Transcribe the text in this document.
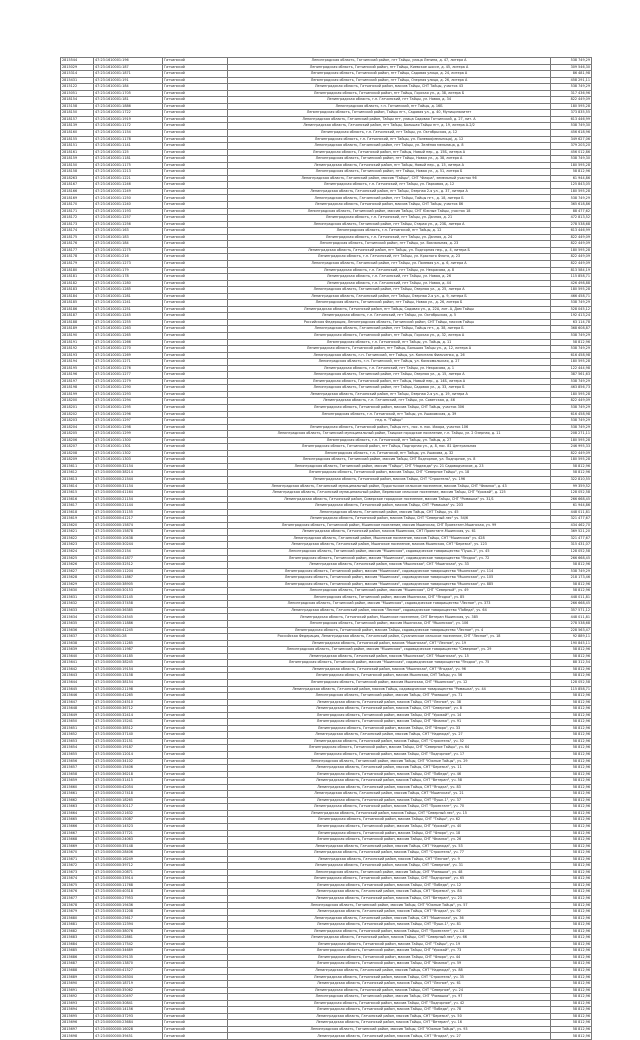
2815544	47:23:1610001:196	Гатчинский	Ленинградская область, Гатчинский район, пгт Тайцы, улица Ленина, д. 47, литера А	538 749,29
2815029	47:23:1610001:187	Гатчинский	Ленинградская область, Гатчинский район, пгт Тайцы, Киевское шоссе, д. 45, литера А	309 546,30
2815314	47:23:1610001:1871	Гатчинский	Ленинградская область, Гатчинский район, пгт Тайцы, Садовая улица, д. 24, литера А	86 481,98
2815431	47:23:1610001:191	Гатчинский	Ленинградская область, Гатчинский район, пгт Тайцы, Озерная улица, д. 26, литера А	458 291,11
2815122	47:23:1610001:184	Гатчинский	Ленинградская область, Гатчинский район, массив Тайцы, СНТ Тайцы, участок 43	538 749,29
2815051	47:23:1610001:1705	Гатчинский	Ленинградская область, Гатчинский район, пгт Тайцы, Горская ул., д. 38, литера Б	317 436,96
2818154	47:23:1610001:181	Гатчинский	Ленинградская область, г.п. Гатчинский, пгт Тайцы, ул. Новая, д. 34	822 449,09
2815158	47:23:1610001:1886	Гатчинский	Ленинградская область, г.п. Гатчинский, пгт Тайцы, д. 16Б	180 595,28
2818150	47:23:1610001:1722	Гатчинский	Ленинградская область, Гатчинский район, Тайцы пгт., Садовая ул., д. 40, Муниципалитет	373 835,55
2818157	47:23:1610001:1919	Гатчинский	Ленинградская область, Гатчинский район, Тайцы пгт, улица Садовая Гатчинский, д. 27, лит. А	613 446,99
2818139	47:23:1610001:1172	Гатчинский	Ленинградская область, Гатчинский район, пгт Тайцы, Большая Тайцы пгт, д. 19, литера А-2/2	538 749,30
2818160	47:23:1610001:1154	Гатчинский	Ленинградская область, г.п. Гатчинский, пгт Тайцы, ул. Октябрьская, д. 12	456 618,96
2818155	47:23:1610001:1178	Гатчинский	Ленинградская область, г.п. Гатчинский, пгт Тайцы, ул. Полевая(мельница), д. 12	349 627,06
2818151	47:23:1610001:1141	Гатчинский	Ленинградская область, Гатчинский район, пгт Тайцы, ул. Зелёная мельница, д. 8	379 203,20
2818161	47:23:1610001:125	Гатчинский	Ленинградская область, Гатчинский район, пгт Тайцы, Новый пер., д. 15Б, литера А	456 012,86
2818159	47:23:1610001:1181	Гатчинский	Ленинградская область, Гатчинский район, пгт Тайцы, Новая ул., д. 38, литера А	538 749,30
2818150	47:23:1610001:1175	Гатчинский	Ленинградская область, Гатчинский район, пгт Тайцы, Новый пер., д. 15, литера А	180 595,28
2818158	47:23:1610001:1213	Гатчинский	Ленинградская область, Гатчинский район, пгт Тайцы, Новая ул., д. 51, литера Б	58 812,96
2818263	47:23:1610001:1221	Гатчинский	Ленинградская область, Гатчинский район, массив "Тайцы", СНТ "Флора", земельный участок 96	61 944,86
2818167	47:23:1610001:1246	Гатчинский	Ленинградская область, г.п. Гатчинский, пгт Тайцы, ул. Парковая, д. 12	125 843,05
2818166	47:23:1610001:1249	Гатчинский	Ленинградская область, Гатчинский район, пгт Тайцы, Озерная 2-я ул., д. 37, литера А	180 595,28
2818169	47:23:1610001:1250	Гатчинский	Ленинградская область, Гатчинский район, пгт Тайцы, Тайцы пгт., д. 18, литера Б	538 749,29
2818170	47:23:1610001:1240	Гатчинский	Ленинградская область, Гатчинский район, массив Тайцы, СНТ Тайцы, участок 86	365 618,86
2818171	47:23:1610001:1193	Гатчинский	Ленинградская область, Гатчинский район, массив Тайцы, СНТ Южные Тайцы, участок 18	88 477,62
2818172	47:23:1610001:1257	Гатчинский	Ленинградская область, г.п. Гатчинский, пгт Тайцы, ул. Дачная, д. 21	472 813,52
2818173	47:23:1610001:1256	Гатчинский	Ленинградская область, Гатчинский район, пгт Тайцы, Старая ул., д. 23Б, литера А	278 538,68
2818174	47:23:1610001:163	Гатчинский	Ленинградская область, г.п. Гатчинский, пгт Тайцы, д. 12	613 446,99
2818175	47:23:1610001:183	Гатчинский	Ленинградская область, г.п. Гатчинский, пгт Тайцы, ул. Дачная, д. 24	822 449,09
2818176	47:23:1610001:184	Гатчинский	Ленинградская область, Гатчинский район, пгт Тайцы, ул. Вокзальная, д. 23	822 449,09
2818177	47:23:1610001:1275	Гатчинский	Ленинградская область, Гатчинский район, пгт Тайцы, ул. Подгорная пер., д. 4, литера Б	180 595,28
2818178	47:23:1610001:216	Гатчинский	Ленинградская область, г.п. Гатчинский, пгт Тайцы, ул. Красного Флота, д. 23	822 449,09
2818179	47:23:1610001:1273	Гатчинский	Ленинградская область, Гатчинский район, пгт Тайцы, ул. Полевая ул., д. 6, литера А	822 449,09
2818180	47:23:1610001:179	Гатчинский	Ленинградская область, г.п. Гатчинский, пгт Тайцы, ул. Некрасова, д. 8	813 584,19
2818181	47:23:1610001:178	Гатчинский	Ленинградская область, г.п. Гатчинский, пгт Тайцы, ул. Новая, д. 26	115 858,71
2818182	47:23:1610001:1280	Гатчинский	Ленинградская область, г.п. Гатчинский, пгт Тайцы, ул. Новая, д. 44	426 498,88
2818183	47:23:1610001:1285	Гатчинский	Ленинградская область, Гатчинский район, пгт Тайцы, Озерная ул., д. 25, литера А	180 595,28
2818184	47:23:1610001:1281	Гатчинский	Ленинградская область, Гатчинский район, пгт Тайцы, Озерная 2-я ул., д. 9, литера Б	466 458,71
2818185	47:23:1610001:1241	Гатчинский	Ленинградская область, Гатчинский район, пгт Тайцы, Новая ул., д. 26, литера Б	538 749,29
2818186	47:23:1610001:1251	Гатчинский	Ленинградская область, Гатчинский район, пгт Тайцы, Садовая ул., д. 22А, лит. А, Дом Тайцы	528 045,12
2818187	47:23:1610001:1245	Гатчинский	Ленинградская область, г.п. Гатчинский, пгт Тайцы, ул. Октябрьская, д. 5	192 413,24
2818188	47:23:1610001:1255	Гатчинский	Российская Федерация, Ленинградская область, Гатчинский район, СНТ Тайцы, массив Тайцы	63 114,78
2818189	47:23:1610001:1263	Гатчинский	Ленинградская область, Гатчинский район, пгт Тайцы, Тайцы пгт., д. 38, литера Б	368 608,87
2818190	47:23:1610001:1265	Гатчинский	Ленинградская область, Гатчинский район, пгт Тайцы, Горская ул., д. 32, литера А	538 749,29
2818191	47:23:1610001:1266	Гатчинский	Ленинградская область, г.п. Гатчинский, пгт Тайцы, ул. Тайцы, д. 11	58 812,96
2818192	47:23:1610001:1270	Гатчинский	Ленинградская область, Гатчинский район, пгт Тайцы, Большая Тайцы ул., д. 12, литера А	538 749,29
2818193	47:23:1610001:1269	Гатчинский	Ленинградская область, г.п. Гатчинский, пгт Тайцы, ул. Капитана Фильченко, д. 26	616 458,98
2818194	47:23:1610001:1271	Гатчинский	Ленинградская область, г.п. Гатчинский, пгт Тайцы, ул. Комсомольская, д. 27	180 595,28
2818195	47:23:1610001:1276	Гатчинский	Ленинградская область, г.п. Гатчинский, пгт Тайцы, ул. Некрасова, д. 1	122 444,98
2818196	47:23:1610001:1277	Гатчинский	Ленинградская область, Гатчинский район, пгт Тайцы, Озерная ул., д. 15, литера А	387 561,63
2818197	47:23:1610001:1279	Гатчинский	Ленинградская область, Гатчинский район, пгт Тайцы, Новый пер., д. 14Б, литера А	538 749,29
2818198	47:23:1610001:1290	Гатчинский	Ленинградская область, Гатчинский район, пгт Тайцы, Садовая ул., д. 33, литера Б	463 856,73
2818199	47:23:1610001:1293	Гатчинский	Ленинградская область, Гатчинский район, пгт Тайцы, Озерная 2-я ул., д. 19, литера А	180 595,28
2818200	47:23:1610001:1294	Гатчинский	Ленинградская область, г.п. Гатчинский, пгт Тайцы, ул. Советская, д. 46	822 449,09
2818201	47:23:1610001:1295	Гатчинский	Ленинградская область, Гатчинский район, массив Тайцы, СНТ Тайцы, участок 306	538 749,29
2818202	47:23:1610001:1296	Гатчинский	Ленинградская область, г.п. Гатчинский, пгт Тайцы, ул. Ушаковская, д. 39	616 458,98
2818203	47:23:1610001:1297	Гатчинский	гпд. п. "Тайцы"	538 749,29
2818204	47:23:1610001:1298	Гатчинский	Ленинградская область, Гатчинский район, Тайцы пгт., пос. п. пос. Ижора, участок 106	538 749,29
2818205	47:23:1610001:1299	Гатчинский	Ленинградская область, Гатчинский муниципальный район, Таицкое городское поселение, г.п. Тайцы, ул. 2 Озерная, д. 11	208 271,11
2818206	47:23:1610001:1300	Гатчинский	Ленинградская область, г.п. Гатчинский, пгт Тайцы, ул. Тайцы, д. 27	180 595,28
2818207	47:23:1610001:1301	Гатчинский	Ленинградская область, Гатчинский район, пгт Тайцы, Подгорная ул., д. 8, пос. 81 Центральная	246 995,33
2818208	47:23:1610001:1302	Гатчинский	Ленинградская область, г.п. Гатчинский, пгт Тайцы, ул. Ушакова, д. 32	822 449,09
2818209	47:23:1610001:1303	Гатчинский	Ленинградская область, Гатчинский район, массив Тайцы, СНТ Подгорное, ул. Подгорное, уч. 8	180 595,28
2815611	47:23:0000000:32154	Гатчинский	Ленинградская область, Гатчинский район, массив "Тайцы", СНТ "Надежда" уч. 21 Садоводческое, д. 23	58 812,96
2815612	47:23:0000000:38214	Гатчинский	Ленинградская область, Гатчинский район, массив Тайцы, СНТ "Северное Тайцы", уч. 18	58 812,96
2815613	47:23:0000000:21544	Гатчинский	Ленинградская область, Гатчинский район, массив Тайцы, СНТ "Строитель", уч. 196	322 810,55
2815614	47:23:0000000:31154	Гатчинский	Ленинградская область, Гатчинский муниципальный район, Пудостьское сельское поселение, массив Тайцы, СНТ "Фиалка", д. 43	99 359,52
2815615	47:23:0000000:41164	Гатчинский	Ленинградская область, Гатчинский муниципальный район, Веревское сельское поселение, массив Тайцы, СНТ "Урожай", д. 125	128 052,58
2815616	47:23:0000000:21154	Гатчинский	Ленинградская область, Гатчинский район, Сиверское городское поселение, массив Тайцы, СНТ "Ромашка" уч. 31/1	266 668,45
2815617	47:23:0000000:21144	Гатчинский	Ленинградская область, Гатчинский район, массив Тайцы, СНТ "Ромашка" уч. 203	61 944,86
2815618	47:23:0000000:31155	Гатчинский	Ленинградская область, Гатчинский район, массив Тайцы, СНТ Тайцы, уч. 45	448 011,81
2815619	47:23:0000000:41217	Гатчинский	Ленинградская область, Гатчинский район, массив Тайцы, СНТ "Северный лес" уч. 54/6	321 477,67
2815620	47:23:0000000:15874	Гатчинский	Ленинградская область, Гатчинский район, Мшинское поселение, массив Мшинская, СНТ Проектант-Мшинская, уч. 99	434 462,70
2815621	47:23:0000000:15878	Гатчинский	Ленинградская область, Гатчинский район, массив Мшинская, СНТ Проектант-Мшинская, уч. 61	369 521,20
2815622	47:23:0000000:10438	Гатчинский	Ленинградская область, Гатчинский район, Мшинское поселение, массив Тайцы, СНТ "Мшинская" уч. 428	321 477,67
2815623	47:23:0000000:30244	Гатчинский	Ленинградская область, Гатчинский район, Мшинское поселение, массив Мшинская, СНТ "Березка", уч. 123	315 431,07
2815624	47:23:0000000:2154	Гатчинский	Ленинградская область, Гатчинский район, массив "Мшинская", садоводческое товарищество "Пушк-1", уч. 45	128 052,58
2815625	47:23:0000000:41877	Гатчинский	Ленинградская область, Гатчинский район, массив "Мшинская", садоводческое товарищество "Ягодка", уч. 72	266 668,45
2815626	47:23:0000000:32512	Гатчинский	Ленинградская область, Гатчинский район, массив "Мшинская", СНТ "Мшинская", уч. 33	58 812,96
2815627	47:23:0000000:11204	Гатчинский	Ленинградская область, Гатчинский район, массив "Мшинская", садоводческое товарищество "Мшинская", уч. 114	538 749,29
2815628	47:23:0000000:11867	Гатчинский	Ленинградская область, Гатчинский район, массив "Мшинская", садоводческое товарищество "Мшинская", уч. 105	218 173,46
2815629	47:23:0000000:38905	Гатчинский	Ленинградская область, Гатчинский район, массив "Мшинская", садоводческое товарищество "Мшинская", уч. 885	58 812,96
2815630	47:23:0000000:30153	Гатчинский	Ленинградская область, Гатчинский район, массив "Мшинская", СНТ "Северный", уч. 49	58 812,96
2815631	47:23:0000000:32145	Гатчинский	Ленинградская область, Гатчинский район, массив Мшинская, СНТ "Ягодка", уч. 85	448 011,81
2815632	47:23:0000000:37458	Гатчинский	Ленинградская область, Гатчинский район, массив "Мшинская", садоводческое товарищество "Лесное", уч. 373	266 668,45
2815633	47:23:0000000:36385	Гатчинский	Ленинградская область, Гатчинский район, массив "Лесное", садоводческое товарищество "Победа", уч. 64	357 571,12
2815634	47:23:0000000:24545	Гатчинский	Ленинградская область, Гатчинский район, Мшинское поселение, СНТ Ветеран Мшинская, уч. 385	448 011,81
2815635	47:23:0000000:11886	Гатчинский	Ленинградская область, Гатчинский район, массив Мшинская, СНТ "Мшинская", уч. 106	278 538,68
2815636	47:23:0000000:41245	Гатчинский	Ленинградская область, Гатчинский район, массив Тайцы, садоводческое товарищество "Лесное", уч. 4	228 563,47
2815637	47:23:1708001:28	Гатчинский	Российская Федерация, Ленинградская область, Гатчинский район, Сусанинское сельское поселение, СНТ "Лесное", уч. 18	92 889,11
2815638	47:23:0000000:11285	Гатчинский	Ленинградская область, Гатчинский район, массив "Мшинская", СНТ "Лесное", уч. 19	190 845,11
2815639	47:23:0000000:11987	Гатчинский	Ленинградская область, Гатчинский район, массив "Мшинская", садоводческое товарищество "Северное", уч. 29	58 812,96
2815640	47:23:0000000:14185	Гатчинский	Ленинградская область, Гатчинский район, массив "Мшинская", СНТ "Мшинская", уч. 15	58 812,96
2815641	47:23:0000000:38245	Гатчинский	Ленинградская область, Гатчинский район, массив "Мшинская", садоводческое товарищество "Ягодка", уч. 75	88 312,54
2815642	47:23:0000000:19154	Гатчинский	Ленинградская область, Гатчинский район, массив "Мшинская", СНТ "Ягодка", уч. 96	58 812,96
2815643	47:23:0000000:13158	Гатчинский	Ленинградская область, Гатчинский район, массив Мшинская, СНТ Тайцы, уч. 56	58 812,96
2815644	47:23:0000000:38154	Гатчинский	Ленинградская область, Гатчинский район, массив Мшинская, СНТ "Мшинская", уч. 12	128 052,58
2815645	47:23:0000000:21198	Гатчинский	Ленинградская область, Гатчинский район, массив Тайцы, садоводческое товарищество "Ромашка", уч. 44	115 858,71
2815646	47:23:0000000:41265	Гатчинский	Ленинградская область, Гатчинский район, массив Тайцы, СНТ "Ромашка", уч. 71	58 812,96
2815647	47:23:0000000:24510	Гатчинский	Ленинградская область, Гатчинский район, массив Тайцы, СНТ "Лесное", уч. 38	58 812,96
2815648	47:23:0000000:36712	Гатчинский	Ленинградская область, Гатчинский район, массив Тайцы, СНТ "Северное", уч. 8	58 812,96
2815649	47:23:0000000:32414	Гатчинский	Ленинградская область, Гатчинский район, массив Тайцы, СНТ "Урожай", уч. 14	58 812,96
2815650	47:23:0000000:15241	Гатчинский	Ленинградская область, Гатчинский район, массив Тайцы, СНТ "Фиалка", уч. 91	58 812,96
2815651	47:23:0000000:38512	Гатчинский	Ленинградская область, Гатчинский район, массив Тайцы, СНТ "Флора", уч. 33	58 812,96
2815652	47:23:0000000:37140	Гатчинский	Ленинградская область, Гатчинский район, массив Тайцы, СНТ "Надежда", уч. 27	58 812,96
2815653	47:23:0000000:32151	Гатчинский	Ленинградская область, Гатчинский район, массив Тайцы, СНТ "Строитель", уч. 52	58 812,96
2815654	47:23:0000000:19187	Гатчинский	Ленинградская область, Гатчинский район, массив Тайцы, СНТ "Северное Тайцы", уч. 64	58 812,96
2815655	47:23:0000000:12014	Гатчинский	Ленинградская область, Гатчинский район, массив Тайцы, СНТ "Подгорное", уч. 17	58 812,96
2815656	47:23:0000000:34102	Гатчинский	Ленинградская область, Гатчинский район, массив Тайцы, СНТ "Южные Тайцы", уч. 29	58 812,96
2815657	47:23:0000000:15406	Гатчинский	Ленинградская область, Гатчинский район, массив Тайцы, СНТ "Березка", уч. 11	58 812,96
2815658	47:23:0000000:36218	Гатчинский	Ленинградская область, Гатчинский район, массив Тайцы, СНТ "Победа", уч. 46	58 812,96
2815659	47:23:0000000:31415	Гатчинский	Ленинградская область, Гатчинский район, массив Тайцы, СНТ "Ветеран", уч. 58	58 812,96
2815660	47:23:0000000:42054	Гатчинский	Ленинградская область, Гатчинский район, массив Тайцы, СНТ "Ягодка", уч. 83	58 812,96
2815661	47:23:0000000:27418	Гатчинский	Ленинградская область, Гатчинский район, массив Тайцы, СНТ "Мшинская", уч. 21	58 812,96
2815662	47:23:0000000:18265	Гатчинский	Ленинградская область, Гатчинский район, массив Тайцы, СНТ "Пушк-1", уч. 37	58 812,96
2815663	47:23:0000000:30117	Гатчинский	Ленинградская область, Гатчинский район, массив Тайцы, СНТ "Проектант", уч. 70	58 812,96
2815664	47:23:0000000:21632	Гатчинский	Ленинградская область, Гатчинский район, массив Тайцы, СНТ "Северный лес", уч. 15	58 812,96
2815665	47:23:0000000:15087	Гатчинский	Ленинградская область, Гатчинский район, массив Тайцы, СНТ "Тайцы", уч. 62	58 812,96
2815666	47:23:0000000:14523	Гатчинский	Ленинградская область, Гатчинский район, массив Тайцы, СНТ "Урожай", уч. 40	58 812,96
2815667	47:23:0000000:37721	Гатчинский	Ленинградская область, Гатчинский район, массив Тайцы, СНТ "Флора", уч. 18	58 812,96
2815668	47:23:0000000:24063	Гатчинский	Ленинградская область, Гатчинский район, массив Тайцы, СНТ "Фиалка", уч. 26	58 812,96
2815669	47:23:0000000:35148	Гатчинский	Ленинградская область, Гатчинский район, массив Тайцы, СНТ "Надежда", уч. 53	58 812,96
2815670	47:23:0000000:28406	Гатчинский	Ленинградская область, Гатчинский район, массив Тайцы, СНТ "Строитель", уч. 77	58 812,96
2815671	47:23:0000000:16249	Гатчинский	Ленинградская область, Гатчинский район, массив Тайцы, СНТ "Лесное", уч. 9	58 812,96
2815672	47:23:0000000:39712	Гатчинский	Ленинградская область, Гатчинский район, массив Тайцы, СНТ "Северное", уч. 31	58 812,96
2815673	47:23:0000000:20871	Гатчинский	Ленинградская область, Гатчинский район, массив Тайцы, СНТ "Ромашка", уч. 48	58 812,96
2815674	47:23:0000000:33914	Гатчинский	Ленинградская область, Гатчинский район, массив Тайцы, СНТ "Подгорное", уч. 65	58 812,96
2815675	47:23:0000000:11768	Гатчинский	Ленинградская область, Гатчинский район, массив Тайцы, СНТ "Победа", уч. 12	58 812,96
2815676	47:23:0000000:40318	Гатчинский	Ленинградская область, Гатчинский район, массив Тайцы, СНТ "Березка", уч. 84	58 812,96
2815677	47:23:0000000:27953	Гатчинский	Ленинградская область, Гатчинский район, массив Тайцы, СНТ "Ветеран", уч. 23	58 812,96
2815678	47:23:0000000:19436	Гатчинский	Ленинградская область, Гатчинский район, массив Тайцы, СНТ "Южные Тайцы", уч. 57	58 812,96
2815679	47:23:0000000:31208	Гатчинский	Ленинградская область, Гатчинский район, массив Тайцы, СНТ "Ягодка", уч. 92	58 812,96
2815680	47:23:0000000:25617	Гатчинский	Ленинградская область, Гатчинский район, массив Тайцы, СНТ "Мшинская", уч. 36	58 812,96
2815681	47:23:0000000:12394	Гатчинский	Ленинградская область, Гатчинский район, массив Тайцы, СНТ "Пушк-1", уч. 81	58 812,96
2815682	47:23:0000000:38076	Гатчинский	Ленинградская область, Гатчинский район, массив Тайцы, СНТ "Проектант", уч. 14	58 812,96
2815683	47:23:0000000:22861	Гатчинский	Ленинградская область, Гатчинский район, массив Тайцы, СНТ "Северный лес", уч. 66	58 812,96
2815684	47:23:0000000:17542	Гатчинский	Ленинградская область, Гатчинский район, массив Тайцы, СНТ "Тайцы", уч. 19	58 812,96
2815685	47:23:0000000:34689	Гатчинский	Ленинградская область, Гатчинский район, массив Тайцы, СНТ "Урожай", уч. 73	58 812,96
2815686	47:23:0000000:29135	Гатчинский	Ленинградская область, Гатчинский район, массив Тайцы, СНТ "Флора", уч. 44	58 812,96
2815687	47:23:0000000:13870	Гатчинский	Ленинградская область, Гатчинский район, массив Тайцы, СНТ "Фиалка", уч. 59	58 812,96
2815688	47:23:0000000:41527	Гатчинский	Ленинградская область, Гатчинский район, массив Тайцы, СНТ "Надежда", уч. 88	58 812,96
2815689	47:23:0000000:26304	Гатчинский	Ленинградская область, Гатчинский район, массив Тайцы, СНТ "Строитель", уч. 35	58 812,96
2815690	47:23:0000000:18719	Гатчинский	Ленинградская область, Гатчинский район, массив Тайцы, СНТ "Лесное", уч. 61	58 812,96
2815691	47:23:0000000:35062	Гатчинский	Ленинградская область, Гатчинский район, массив Тайцы, СНТ "Северное", уч. 24	58 812,96
2815692	47:23:0000000:20497	Гатчинский	Ленинградская область, Гатчинский район, массив Тайцы, СНТ "Ромашка", уч. 97	58 812,96
2815693	47:23:0000000:30841	Гатчинский	Ленинградская область, Гатчинский район, массив Тайцы, СНТ "Подгорное", уч. 42	58 812,96
2815694	47:23:0000000:14156	Гатчинский	Ленинградская область, Гатчинский район, массив Тайцы, СНТ "Победа", уч. 78	58 812,96
2815695	47:23:0000000:37293	Гатчинский	Ленинградская область, Гатчинский район, массив Тайцы, СНТ "Березка", уч. 50	58 812,96
2815696	47:23:0000000:23684	Гатчинский	Ленинградская область, Гатчинский район, массив Тайцы, СНТ "Ветеран", уч. 16	58 812,96
2815697	47:23:0000000:16028	Гатчинский	Ленинградская область, Гатчинский район, массив Тайцы, СНТ "Южные Тайцы", уч. 93	58 812,96
2815698	47:23:0000000:39451	Гатчинский	Ленинградская область, Гатчинский район, массив Тайцы, СНТ "Ягодка", уч. 27	58 812,96
